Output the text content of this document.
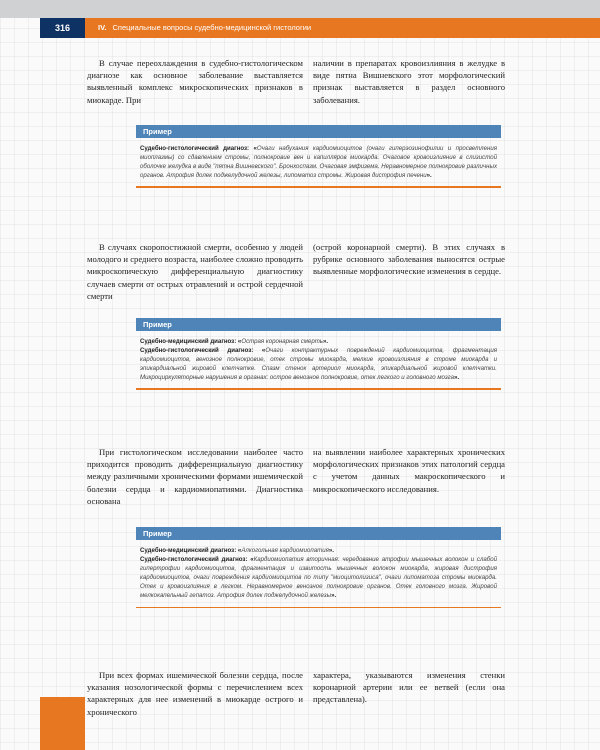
316	IV. Специальные вопросы судебно-медицинской гистологии

В случае переохлаждения в судебно-гистологическом диагнозе как основное заболевание выставляется выявленный комплекс микроскопических признаков в миокарде. При

наличии в препаратах кровоизлияния в желудке в виде пятна Вишневского этот морфологический признак выставляется в раздел основного заболевания.

Пример

Судебно-гистологический диагноз: «Очаги набухания кардиомиоцитов (очаги гиперэозинофилии и просветления миоплазмы) со сдавлением стромы, полнокровие вен и капилляров миокарда. Очаговое кровоизлияние в слизистой оболочке желудка в виде "пятна Вишневского". Бронхоспазм. Очаговая эмфизема. Неравномерное полнокровие различных органов. Атрофия долек поджелудочной железы, липоматоз стромы. Жировая дистрофия печени».

В случаях скоропостижной смерти, особенно у людей молодого и среднего возраста, наиболее сложно проводить микроскопическую дифференциальную диагностику случаев смерти от острых отравлений и острой сердечной смерти

(острой коронарной смерти). В этих случаях в рубрике основного заболевания выносятся острые выявленные морфологические изменения в сердце.

Пример

Судебно-медицинский диагноз: «Острая коронарная смерть».

Судебно-гистологический диагноз: «Очаги контрактурных повреждений кардиомиоцитов, фрагментация кардиомиоцитов, венозное полнокровие, отек стромы миокарда, мелкие кровоизлияния в строме миокарда и эпикардиальной жировой клетчатке. Спазм стенок артериол миокарда, эпикардиальной жировой клетчатки. Микроциркуляторные нарушения в органах: острое венозное полнокровие, отек легкого и головного мозга».

При гистологическом исследовании наиболее часто приходится проводить дифференциальную диагностику между различными хроническими формами ишемической болезни сердца и кардиомиопатиями. Диагностика основана

на выявлении наиболее характерных хронических морфологических признаков этих патологий сердца с учетом данных макроскопического и микроскопического исследования.

Пример

Судебно-медицинский диагноз: «Алкогольная кардиомиопатия».

Судебно-гистологический диагноз: «Кардиомиопатия вторичная: чередование атрофии мышечных волокон и слабой гипертрофии кардиомиоцитов, фрагментация и извитость мышечных волокон миокарда, жировая дистрофия кардиомиоцитов, очаги повреждения кардиомиоцитов по типу "миоцитолизиса", очаги липоматоза стромы миокарда. Отек и кровоизлияния в легком. Неравномерное венозное полнокровие органов. Отек головного мозга. Жировой мелкокапельный гепатоз. Атрофия долек поджелудочной железы».

При всех формах ишемической болезни сердца, после указания нозологической формы с перечислением всех характерных для нее изменений в миокарде острого и хронического

характера, указываются изменения стенки коронарной артерии или ее ветвей (если она представлена).
